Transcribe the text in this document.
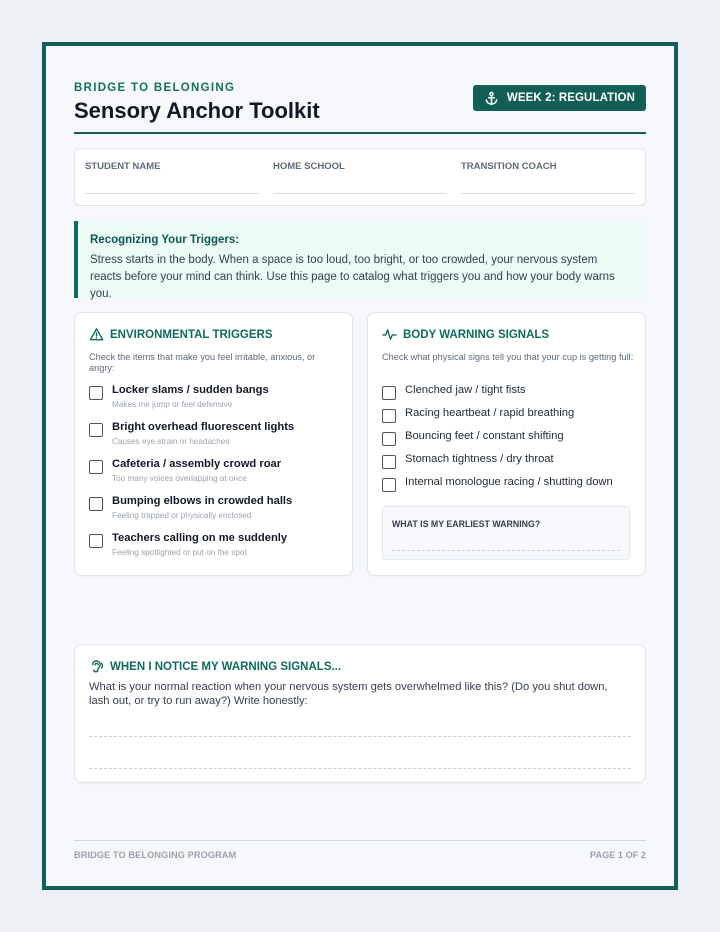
BRIDGE TO BELONGING
Sensory Anchor Toolkit	WEEK 2: REGULATION
STUDENT NAME	HOME SCHOOL	TRANSITION COACH
Recognizing Your Triggers:
Stress starts in the body. When a space is too loud, too bright, or too crowded, your nervous system reacts before your mind can think. Use this page to catalog what triggers you and how your body warns you.
ENVIRONMENTAL TRIGGERS
Check the items that make you feel irritable, anxious, or angry:
Locker slams / sudden bangs
Makes me jump or feel defensive
Bright overhead fluorescent lights
Causes eye strain or headaches
Cafeteria / assembly crowd roar
Too many voices overlapping at once
Bumping elbows in crowded halls
Feeling trapped or physically enclosed
Teachers calling on me suddenly
Feeling spotlighted or put on the spot
BODY WARNING SIGNALS
Check what physical signs tell you that your cup is getting full:
Clenched jaw / tight fists
Racing heartbeat / rapid breathing
Bouncing feet / constant shifting
Stomach tightness / dry throat
Internal monologue racing / shutting down
WHAT IS MY EARLIEST WARNING?
WHEN I NOTICE MY WARNING SIGNALS...
What is your normal reaction when your nervous system gets overwhelmed like this? (Do you shut down, lash out, or try to run away?) Write honestly:
BRIDGE TO BELONGING PROGRAM	PAGE 1 OF 2
